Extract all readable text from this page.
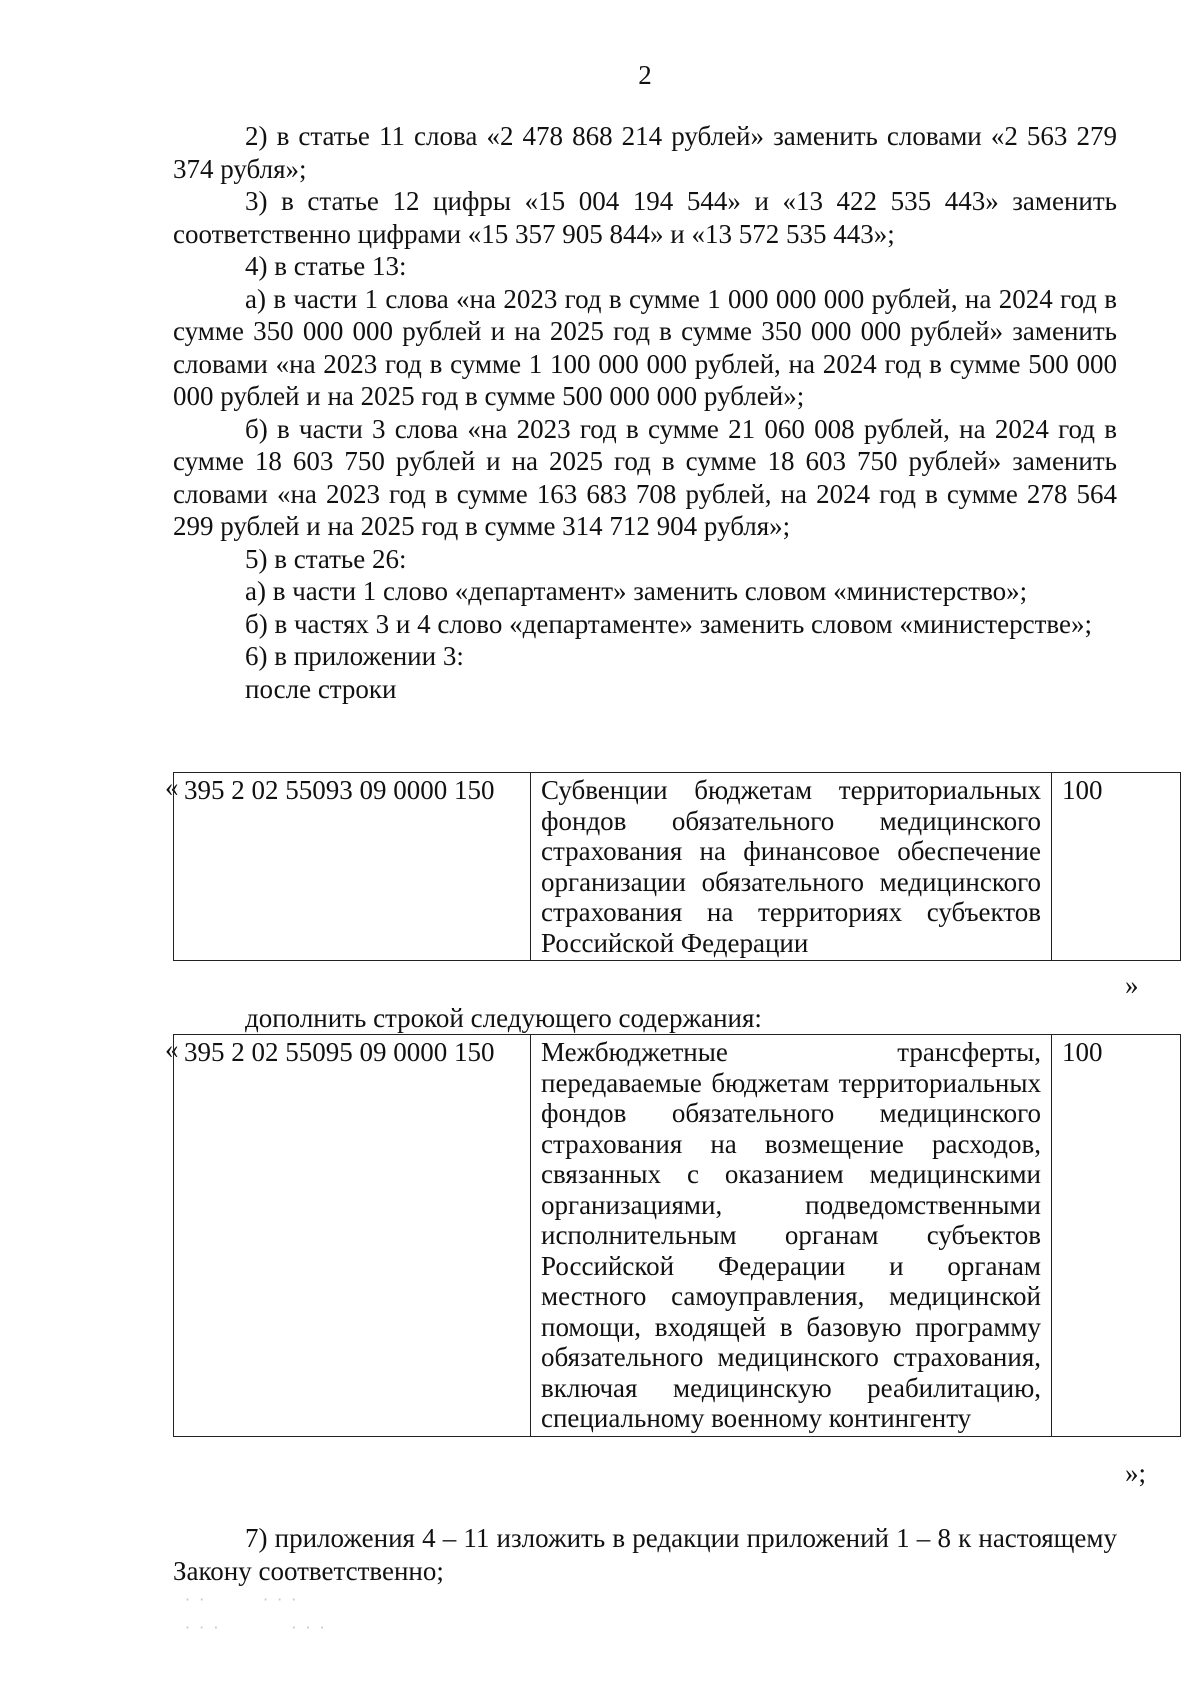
2

2) в статье 11 слова «2 478 868 214 рублей» заменить словами «2 563 279 374 рубля»;

3) в статье 12 цифры «15 004 194 544» и «13 422 535 443» заменить соответственно цифрами «15 357 905 844» и «13 572 535 443»;

4) в статье 13:

а) в части 1 слова «на 2023 год в сумме 1 000 000 000 рублей, на 2024 год в сумме 350 000 000 рублей и на 2025 год в сумме 350 000 000 рублей» заменить словами «на 2023 год в сумме 1 100 000 000 рублей, на 2024 год в сумме 500 000 000 рублей и на 2025 год в сумме 500 000 000 рублей»;

б) в части 3 слова «на 2023 год в сумме 21 060 008 рублей, на 2024 год в сумме 18 603 750 рублей и на 2025 год в сумме 18 603 750 рублей» заменить словами «на 2023 год в сумме 163 683 708 рублей, на 2024 год в сумме 278 564 299 рублей и на 2025 год в сумме 314 712 904 рубля»;

5) в статье 26:

а) в части 1 слово «департамент» заменить словом «министерство»;

б) в частях 3 и 4 слово «департаменте» заменить словом «министерстве»;

6) в приложении 3:

после строки

« 395 2 02 55093 09 0000 150	Субвенции бюджетам территориальных фондов обязательного медицинского страхования на финансовое обеспечение организации обязательного медицинского страхования на территориях субъектов Российской Федерации	100
»
дополнить строкой следующего содержания:
« 395 2 02 55095 09 0000 150	Межбюджетные трансферты, передаваемые бюджетам территориальных фондов обязательного медицинского страхования на возмещение расходов, связанных с оказанием медицинскими организациями, подведомственными исполнительным органам субъектов Российской Федерации и органам местного самоуправления, медицинской помощи, входящей в базовую программу обязательного медицинского страхования, включая медицинскую реабилитацию, специальному военному контингенту	100
»;

7) приложения 4 – 11 изложить в редакции приложений 1 – 8 к настоящему Закону соответственно;

· ·        · · ·
· · ·          · · ·
